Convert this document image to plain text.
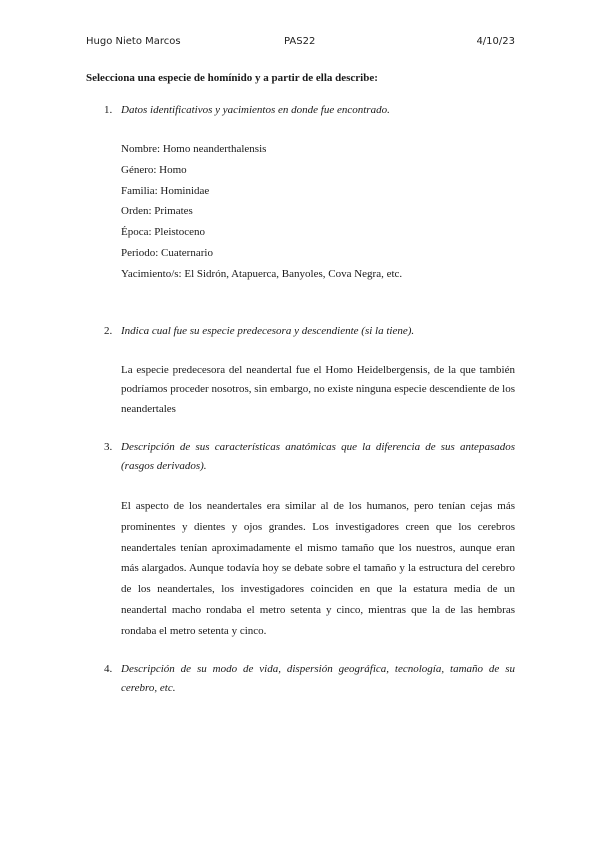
Hugo Nieto Marcos	PAS22	4/10/23

Selecciona una especie de homínido y a partir de ella describe:

1. Datos identificativos y yacimientos en donde fue encontrado.

Nombre: Homo neanderthalensis
Género: Homo
Familia: Hominidae
Orden: Primates
Época: Pleistoceno
Periodo: Cuaternario
Yacimiento/s: El Sidrón, Atapuerca, Banyoles, Cova Negra, etc.

2. Indica cual fue su especie predecesora y descendiente (si la tiene).

La especie predecesora del neandertal fue el Homo Heidelbergensis, de la que también podríamos proceder nosotros, sin embargo, no existe ninguna especie descendiente de los neandertales

3. Descripción de sus características anatómicas que la diferencia de sus antepasados (rasgos derivados).

El aspecto de los neandertales era similar al de los humanos, pero tenían cejas más prominentes y dientes y ojos grandes. Los investigadores creen que los cerebros neandertales tenían aproximadamente el mismo tamaño que los nuestros, aunque eran más alargados. Aunque todavía hoy se debate sobre el tamaño y la estructura del cerebro de los neandertales, los investigadores coinciden en que la estatura media de un neandertal macho rondaba el metro setenta y cinco, mientras que la de las hembras rondaba el metro setenta y cinco.

4. Descripción de su modo de vida, dispersión geográfica, tecnología, tamaño de su cerebro, etc.
